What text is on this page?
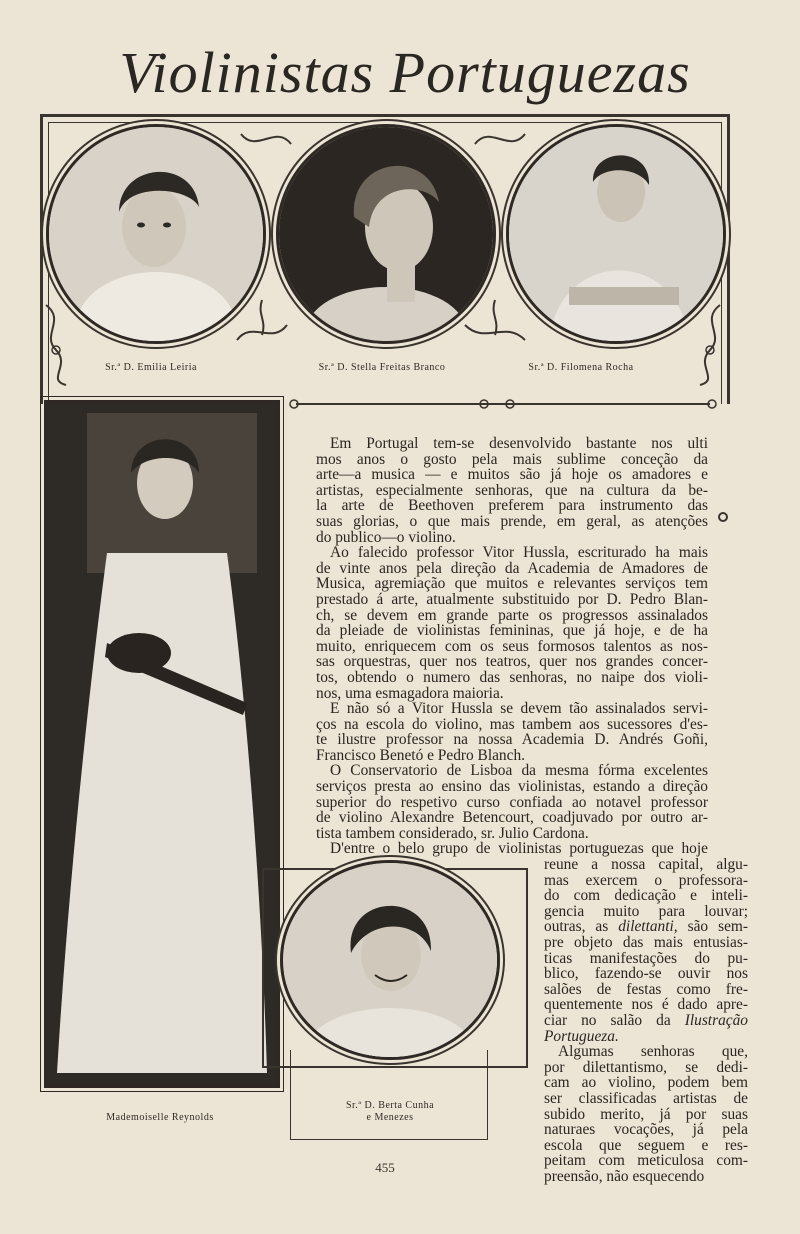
Violinistas Portuguezas
Sr.ª D. Emilia Leiria	Sr.ª D. Stella Freitas Branco	Sr.ª D. Filomena Rocha
Mademoiselle Reynolds
Em Portugal tem-se desenvolvido bastante nos ulti
mos anos o gosto pela mais sublime conceção da
arte—a musica — e muitos são já hoje os amadores e
artistas, especialmente senhoras, que na cultura da be-
la arte de Beethoven preferem para instrumento das
suas glorias, o que mais prende, em geral, as atenções
do publico—o violino.
Ao falecido professor Vitor Hussla, escriturado ha mais
de vinte anos pela direção da Academia de Amadores de
Musica, agremiação que muitos e relevantes serviços tem
prestado á arte, atualmente substituido por D. Pedro Blan-
ch, se devem em grande parte os progressos assinalados
da pleiade de violinistas femininas, que já hoje, e de ha
muito, enriquecem com os seus formosos talentos as nos-
sas orquestras, quer nos teatros, quer nos grandes concer-
tos, obtendo o numero das senhoras, no naipe dos violi-
nos, uma esmagadora maioria.
E não só a Vitor Hussla se devem tão assinalados servi-
ços na escola do violino, mas tambem aos sucessores d'es-
te ilustre professor na nossa Academia D. Andrés Goñi,
Francisco Benetó e Pedro Blanch.
O Conservatorio de Lisboa da mesma fórma excelentes
serviços presta ao ensino das violinistas, estando a direção
superior do respetivo curso confiada ao notavel professor
de violino Alexandre Betencourt, coadjuvado por outro ar-
tista tambem considerado, sr. Julio Cardona.
D'entre o belo grupo de violinistas portuguezas que hoje
reune a nossa capital, algu-
mas exercem o professora-
do com dedicação e inteli-
gencia muito para louvar;
outras, as dilettanti, são sem-
pre objeto das mais entusias-
ticas manifestações do pu-
blico, fazendo-se ouvir nos
salões de festas como fre-
quentemente nos é dado apre-
ciar no salão da Ilustração
Portugueza.
Algumas senhoras que,
por dilettantismo, se dedi-
cam ao violino, podem bem
ser classificadas artistas de
subido merito, já por suas
naturaes vocações, já pela
escola que seguem e res-
peitam com meticulosa com-
preensão, não esquecendo
Sr.ª D. Berta Cunha
e Menezes
455
